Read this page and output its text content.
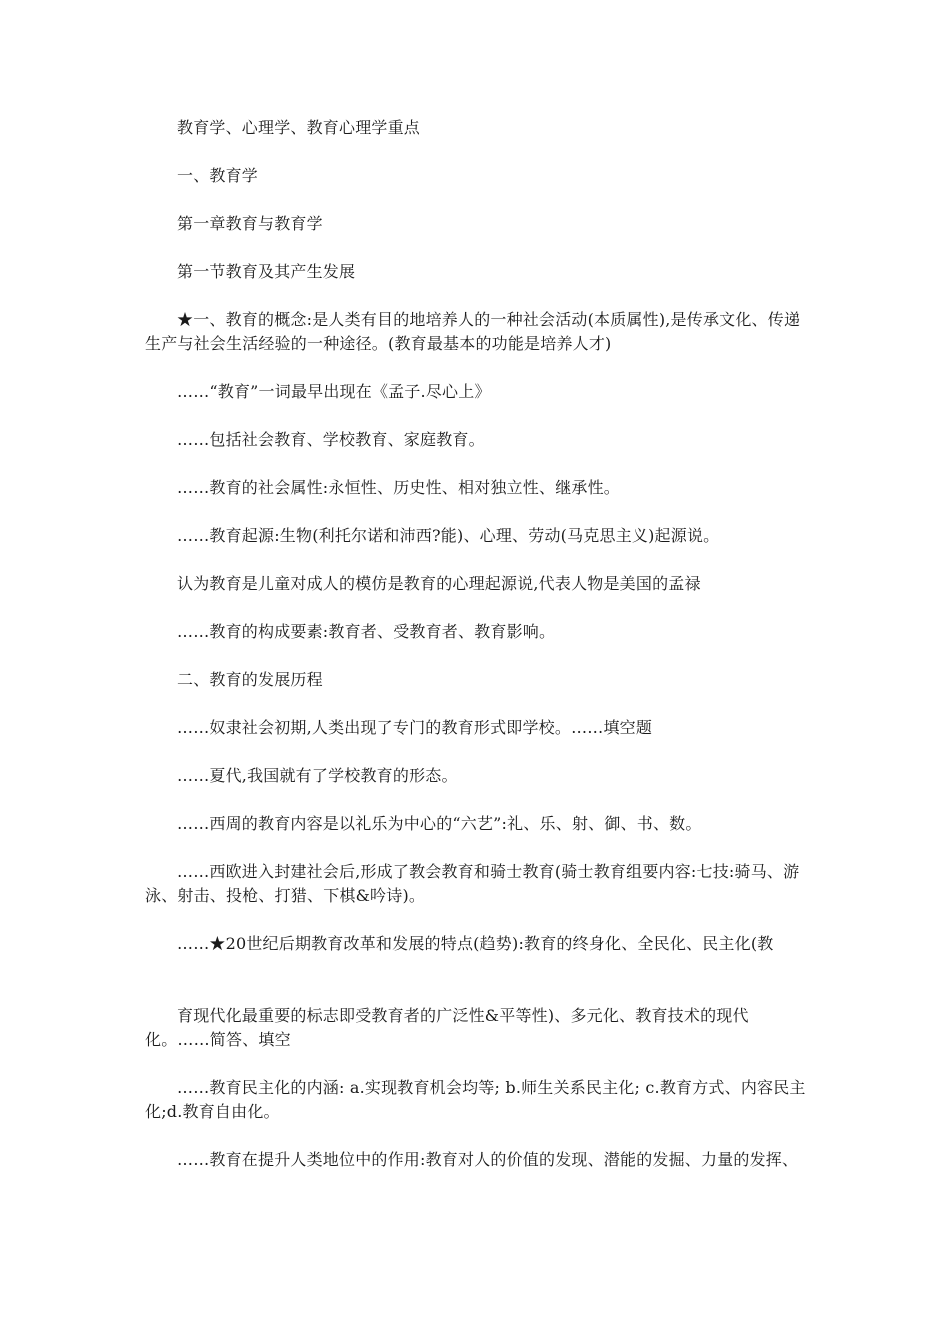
教育学、心理学、教育心理学重点

一、教育学

第一章教育与教育学

第一节教育及其产生发展

★一、教育的概念:是人类有目的地培养人的一种社会活动(本质属性),是传承文化、传递生产与社会生活经验的一种途径。(教育最基本的功能是培养人才)

……“教育”一词最早出现在《孟子.尽心上》

……包括社会教育、学校教育、家庭教育。

……教育的社会属性:永恒性、历史性、相对独立性、继承性。

……教育起源:生物(利托尔诺和沛西?能)、心理、劳动(马克思主义)起源说。

认为教育是儿童对成人的模仿是教育的心理起源说,代表人物是美国的孟禄

……教育的构成要素:教育者、受教育者、教育影响。

二、教育的发展历程

……奴隶社会初期,人类出现了专门的教育形式即学校。……填空题

……夏代,我国就有了学校教育的形态。

……西周的教育内容是以礼乐为中心的“六艺”:礼、乐、射、御、书、数。

……西欧进入封建社会后,形成了教会教育和骑士教育(骑士教育组要内容:七技:骑马、游泳、射击、投枪、打猎、下棋&吟诗)。

……★20世纪后期教育改革和发展的特点(趋势):教育的终身化、全民化、民主化(教

育现代化最重要的标志即受教育者的广泛性&平等性)、多元化、教育技术的现代化。……简答、填空

……教育民主化的内涵: a.实现教育机会均等; b.师生关系民主化; c.教育方式、内容民主化;d.教育自由化。

……教育在提升人类地位中的作用:教育对人的价值的发现、潜能的发掘、力量的发挥、
